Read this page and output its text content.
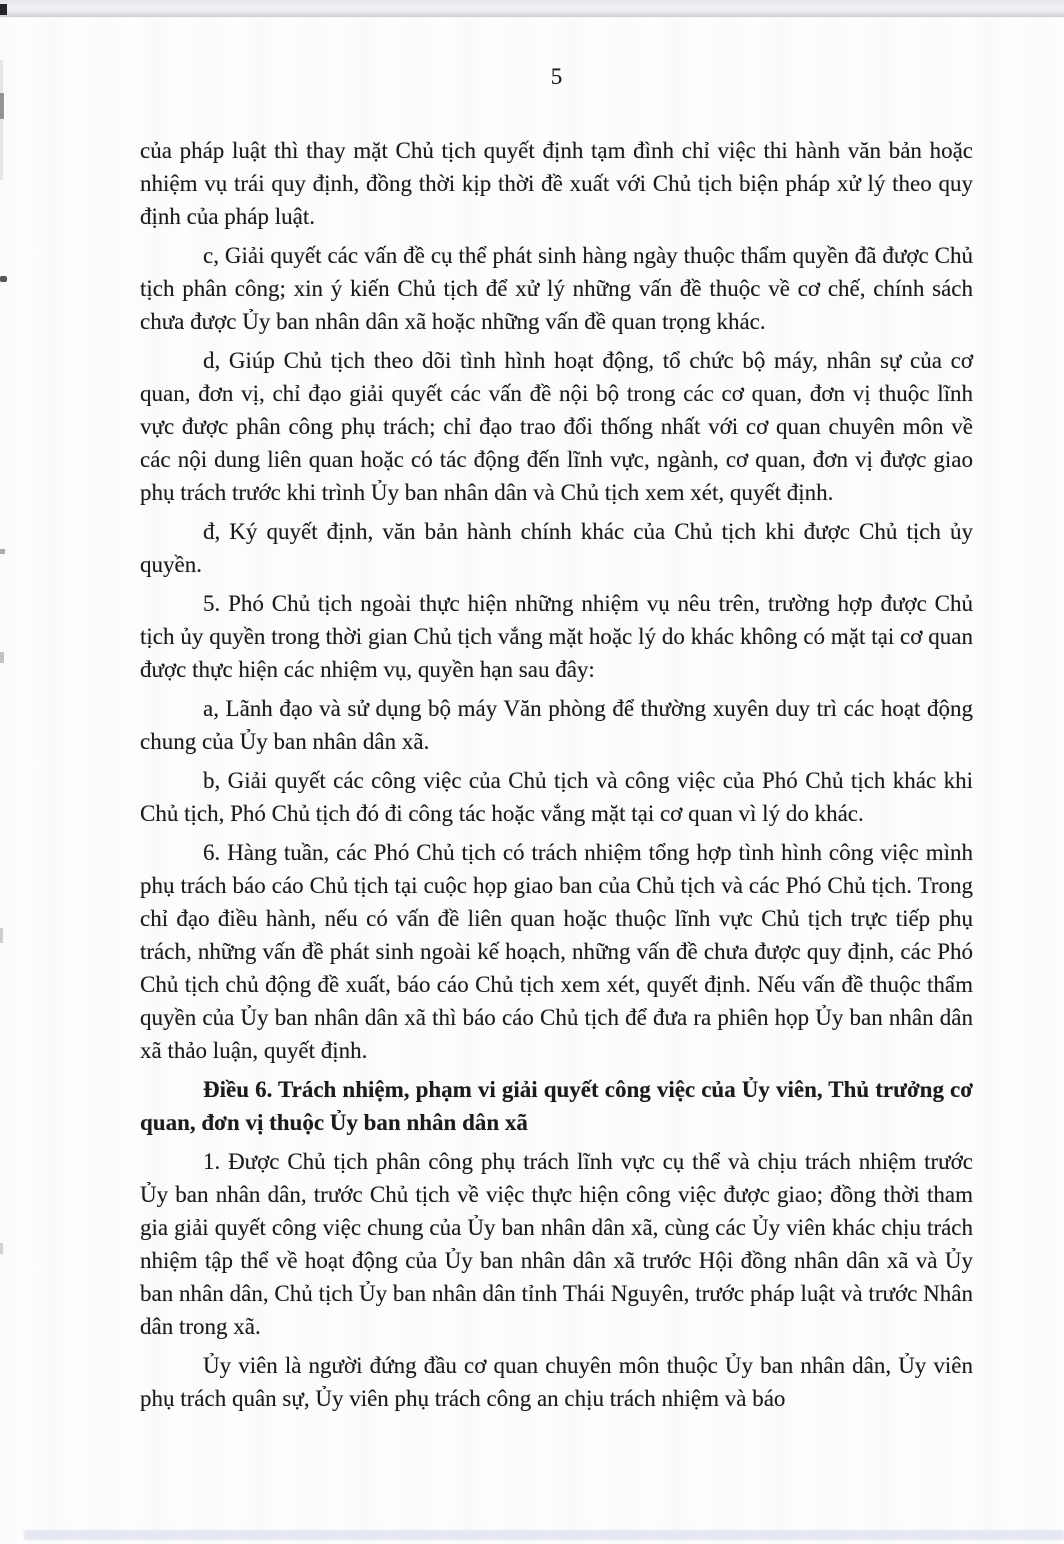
5

của pháp luật thì thay mặt Chủ tịch quyết định tạm đình chỉ việc thi hành văn bản hoặc nhiệm vụ trái quy định, đồng thời kịp thời đề xuất với Chủ tịch biện pháp xử lý theo quy định của pháp luật.

c, Giải quyết các vấn đề cụ thể phát sinh hàng ngày thuộc thẩm quyền đã được Chủ tịch phân công; xin ý kiến Chủ tịch để xử lý những vấn đề thuộc về cơ chế, chính sách chưa được Ủy ban nhân dân xã hoặc những vấn đề quan trọng khác.

d, Giúp Chủ tịch theo dõi tình hình hoạt động, tổ chức bộ máy, nhân sự của cơ quan, đơn vị, chỉ đạo giải quyết các vấn đề nội bộ trong các cơ quan, đơn vị thuộc lĩnh vực được phân công phụ trách; chỉ đạo trao đổi thống nhất với cơ quan chuyên môn về các nội dung liên quan hoặc có tác động đến lĩnh vực, ngành, cơ quan, đơn vị được giao phụ trách trước khi trình Ủy ban nhân dân và Chủ tịch xem xét, quyết định.

đ, Ký quyết định, văn bản hành chính khác của Chủ tịch khi được Chủ tịch ủy quyền.

5. Phó Chủ tịch ngoài thực hiện những nhiệm vụ nêu trên, trường hợp được Chủ tịch ủy quyền trong thời gian Chủ tịch vắng mặt hoặc lý do khác không có mặt tại cơ quan được thực hiện các nhiệm vụ, quyền hạn sau đây:

a, Lãnh đạo và sử dụng bộ máy Văn phòng để thường xuyên duy trì các hoạt động chung của Ủy ban nhân dân xã.

b, Giải quyết các công việc của Chủ tịch và công việc của Phó Chủ tịch khác khi Chủ tịch, Phó Chủ tịch đó đi công tác hoặc vắng mặt tại cơ quan vì lý do khác.

6. Hàng tuần, các Phó Chủ tịch có trách nhiệm tổng hợp tình hình công việc mình phụ trách báo cáo Chủ tịch tại cuộc họp giao ban của Chủ tịch và các Phó Chủ tịch. Trong chỉ đạo điều hành, nếu có vấn đề liên quan hoặc thuộc lĩnh vực Chủ tịch trực tiếp phụ trách, những vấn đề phát sinh ngoài kế hoạch, những vấn đề chưa được quy định, các Phó Chủ tịch chủ động đề xuất, báo cáo Chủ tịch xem xét, quyết định. Nếu vấn đề thuộc thẩm quyền của Ủy ban nhân dân xã thì báo cáo Chủ tịch để đưa ra phiên họp Ủy ban nhân dân xã thảo luận, quyết định.

Điều 6. Trách nhiệm, phạm vi giải quyết công việc của Ủy viên, Thủ trưởng cơ quan, đơn vị thuộc Ủy ban nhân dân xã

1. Được Chủ tịch phân công phụ trách lĩnh vực cụ thể và chịu trách nhiệm trước Ủy ban nhân dân, trước Chủ tịch về việc thực hiện công việc được giao; đồng thời tham gia giải quyết công việc chung của Ủy ban nhân dân xã, cùng các Ủy viên khác chịu trách nhiệm tập thể về hoạt động của Ủy ban nhân dân xã trước Hội đồng nhân dân xã và Ủy ban nhân dân, Chủ tịch Ủy ban nhân dân tỉnh Thái Nguyên, trước pháp luật và trước Nhân dân trong xã.

Ủy viên là người đứng đầu cơ quan chuyên môn thuộc Ủy ban nhân dân, Ủy viên phụ trách quân sự, Ủy viên phụ trách công an chịu trách nhiệm và báo
